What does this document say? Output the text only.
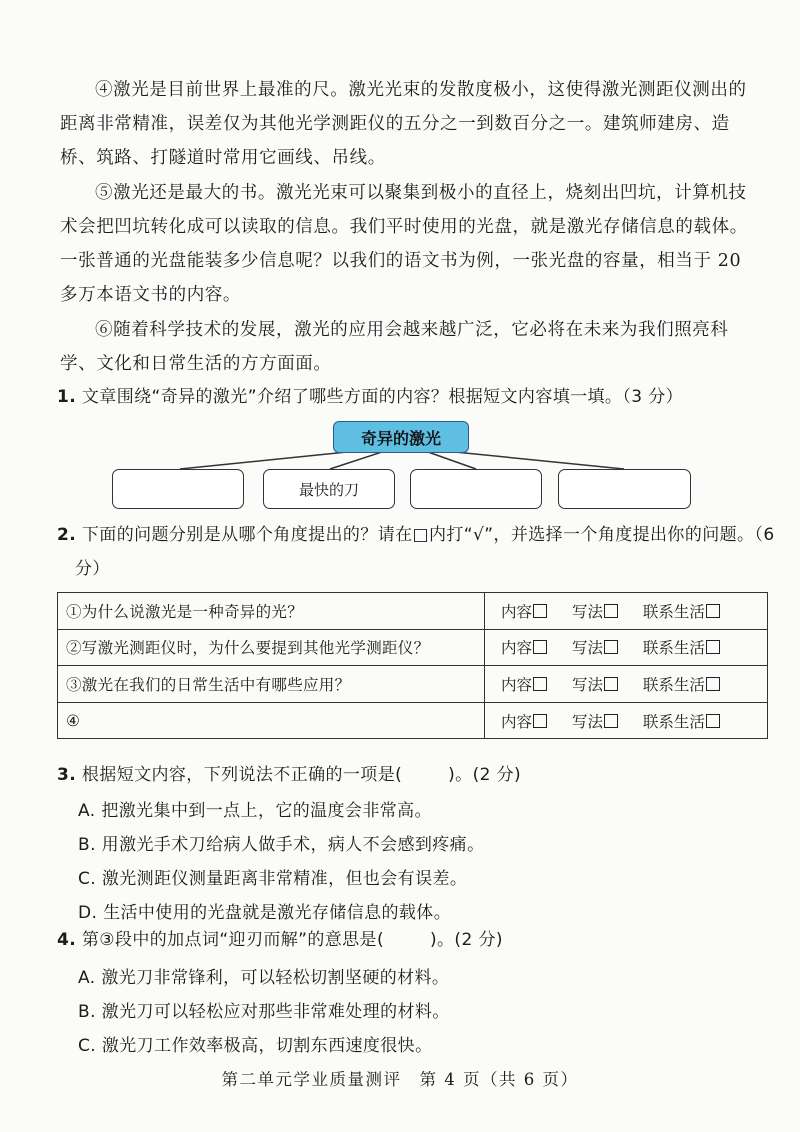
④激光是目前世界上最准的尺。激光光束的发散度极小，这使得激光测距仪测出的距离非常精准，误差仅为其他光学测距仪的五分之一到数百分之一。建筑师建房、造桥、筑路、打隧道时常用它画线、吊线。

⑤激光还是最大的书。激光光束可以聚集到极小的直径上，烧刻出凹坑，计算机技术会把凹坑转化成可以读取的信息。我们平时使用的光盘，就是激光存储信息的载体。一张普通的光盘能装多少信息呢？以我们的语文书为例，一张光盘的容量，相当于 20 多万本语文书的内容。

⑥随着科学技术的发展，激光的应用会越来越广泛，它必将在未来为我们照亮科学、文化和日常生活的方方面面。

1. 文章围绕“奇异的激光”介绍了哪些方面的内容？根据短文内容填一填。（3 分）

奇异的激光
最快的刀

2. 下面的问题分别是从哪个角度提出的？请在□内打“√”，并选择一个角度提出你的问题。（6 分）

①为什么说激光是一种奇异的光？	内容 写法 联系生活
②写激光测距仪时，为什么要提到其他光学测距仪？	内容 写法 联系生活
③激光在我们的日常生活中有哪些应用？	内容 写法 联系生活
④	内容 写法 联系生活

3. 根据短文内容，下列说法不正确的一项是(	)。(2 分)

A. 把激光集中到一点上，它的温度会非常高。
B. 用激光手术刀给病人做手术，病人不会感到疼痛。
C. 激光测距仪测量距离非常精准，但也会有误差。
D. 生活中使用的光盘就是激光存储信息的载体。

4. 第③段中的加点词“迎刃而解”的意思是(	)。(2 分)

A. 激光刀非常锋利，可以轻松切割坚硬的材料。
B. 激光刀可以轻松应对那些非常难处理的材料。
C. 激光刀工作效率极高，切割东西速度很快。
第二单元学业质量测评　第 4 页（共 6 页）
